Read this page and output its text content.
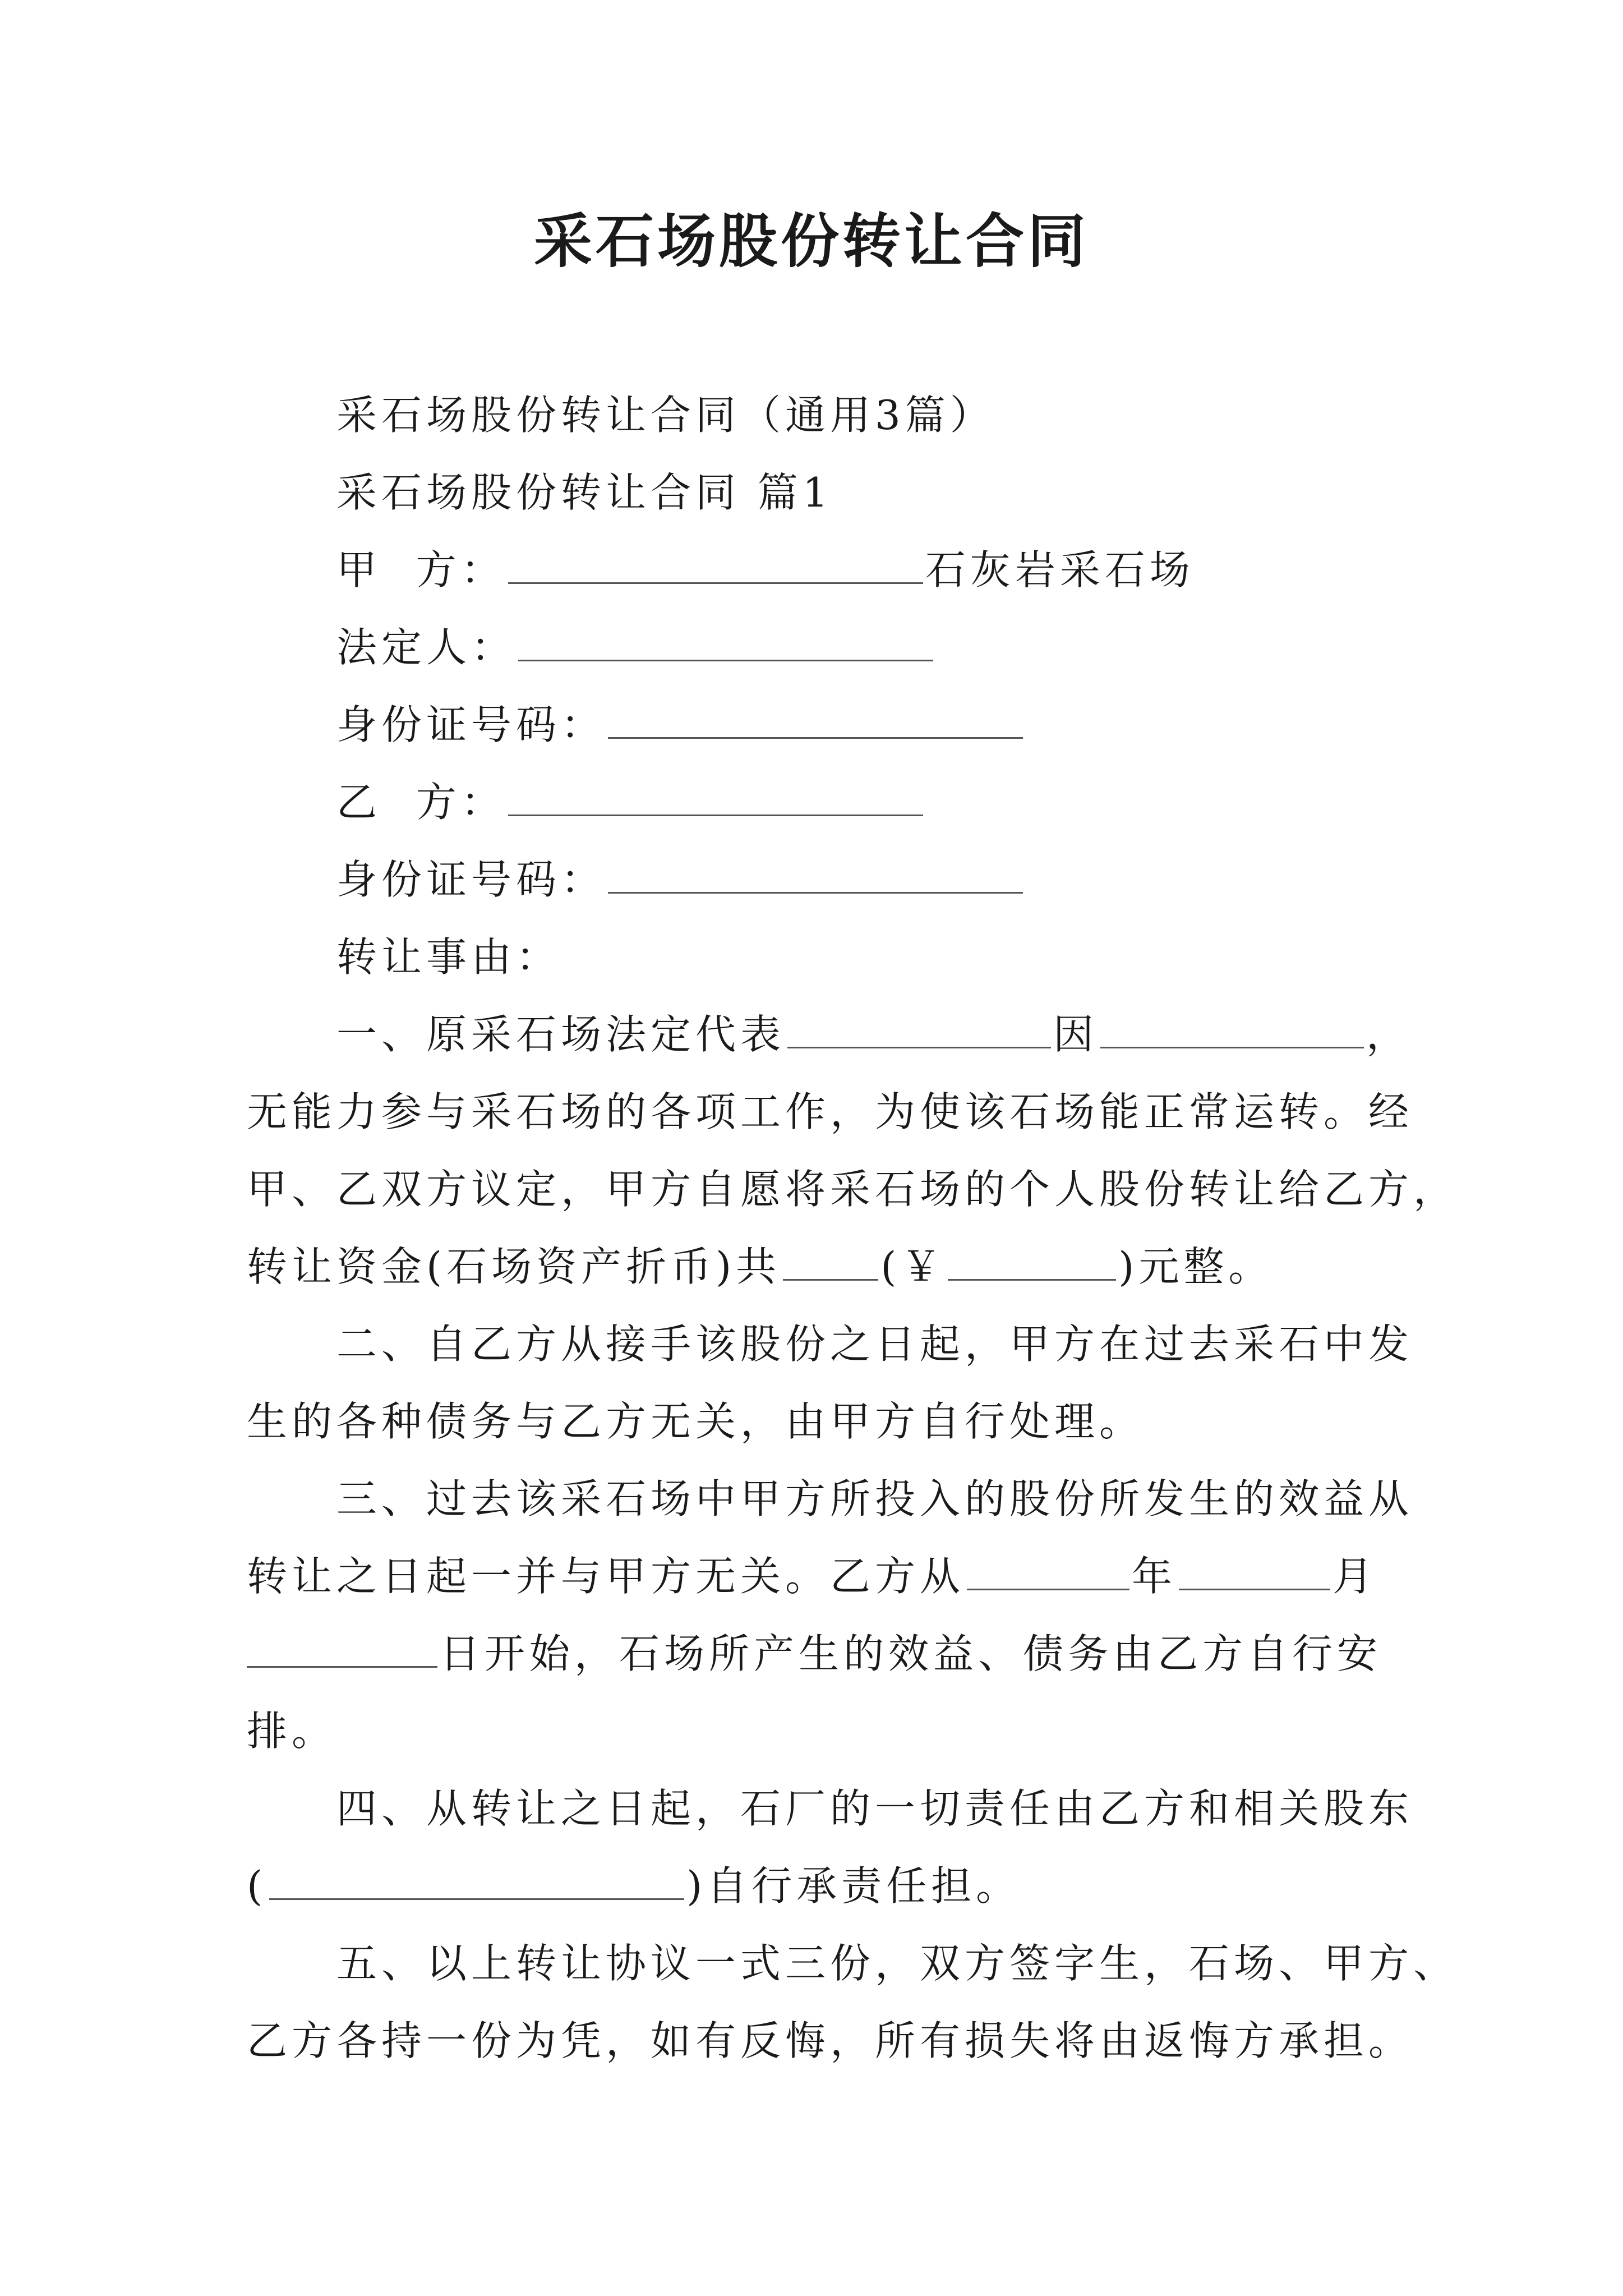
采石场股份转让合同
采石场股份转让合同（通用3篇）
采石场股份转让合同 篇1
甲  方：	石灰岩采石场
法定人：
身份证号码：
乙  方：
身份证号码：
转让事由：
一、原采石场法定代表	因	，
无能力参与采石场的各项工作，为使该石场能正常运转。经
甲、乙双方议定，甲方自愿将采石场的个人股份转让给乙方，
转让资金(石场资产折币)共 (￥	)元整。
二、自乙方从接手该股份之日起，甲方在过去采石中发
生的各种债务与乙方无关，由甲方自行处理。
三、过去该采石场中甲方所投入的股份所发生的效益从
转让之日起一并与甲方无关。乙方从	年	月
日开始，石场所产生的效益、债务由乙方自行安
排。
四、从转让之日起，石厂的一切责任由乙方和相关股东
(	)自行承责任担。
五、以上转让协议一式三份，双方签字生，石场、甲方、
乙方各持一份为凭，如有反悔，所有损失将由返悔方承担。
